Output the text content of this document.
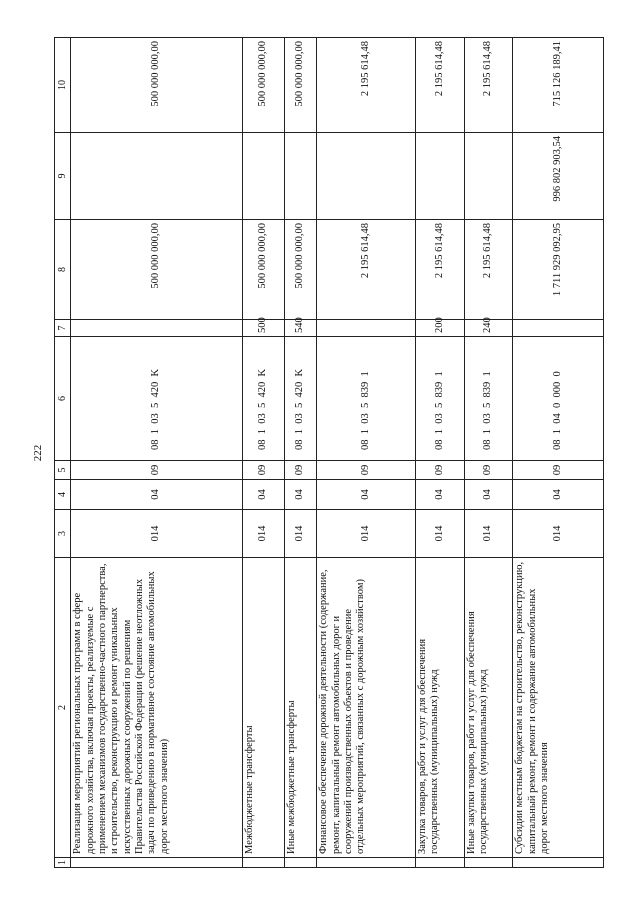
222
1	2	3	4	5	6	7	8	9	10
	Реализация мероприятий региональных программ в сфере дорожного хозяйства, включая проекты, реализуемые с применением механизмов государственно-частного партнерства, и строительство, реконструкцию и ремонт уникальных искусственных дорожных сооружений по решениям Правительства Российской Федерации (решение неотложных задач по приведению в нормативное состояние автомобильных дорог местного значения)	014	04	09	08  1  03  5  420  K		500 000 000,00		500 000 000,00
	Межбюджетные трансферты	014	04	09	08  1  03  5  420  K	500	500 000 000,00		500 000 000,00
	Иные межбюджетные трансферты	014	04	09	08  1  03  5  420  K	540	500 000 000,00		500 000 000,00
	Финансовое обеспечение дорожной деятельности (содержание, ремонт, капитальный ремонт автомобильных дорог и сооружений производственных объектов и проведение отдельных мероприятий, связанных с дорожным хозяйством)	014	04	09	08  1  03  5  839  1		2 195 614,48		2 195 614,48
	Закупка товаров, работ и услуг для обеспечения государственных (муниципальных) нужд	014	04	09	08  1  03  5  839  1	200	2 195 614,48		2 195 614,48
	Иные закупки товаров, работ и услуг для обеспечения государственных (муниципальных) нужд	014	04	09	08  1  03  5  839  1	240	2 195 614,48		2 195 614,48
	Субсидии местным бюджетам на строительство, реконструкцию, капитальный ремонт, ремонт и содержание автомобильных дорог местного значения	014	04	09	08  1  04  0  000  0		1 711 929 092,95	996 802 903,54	715 126 189,41
